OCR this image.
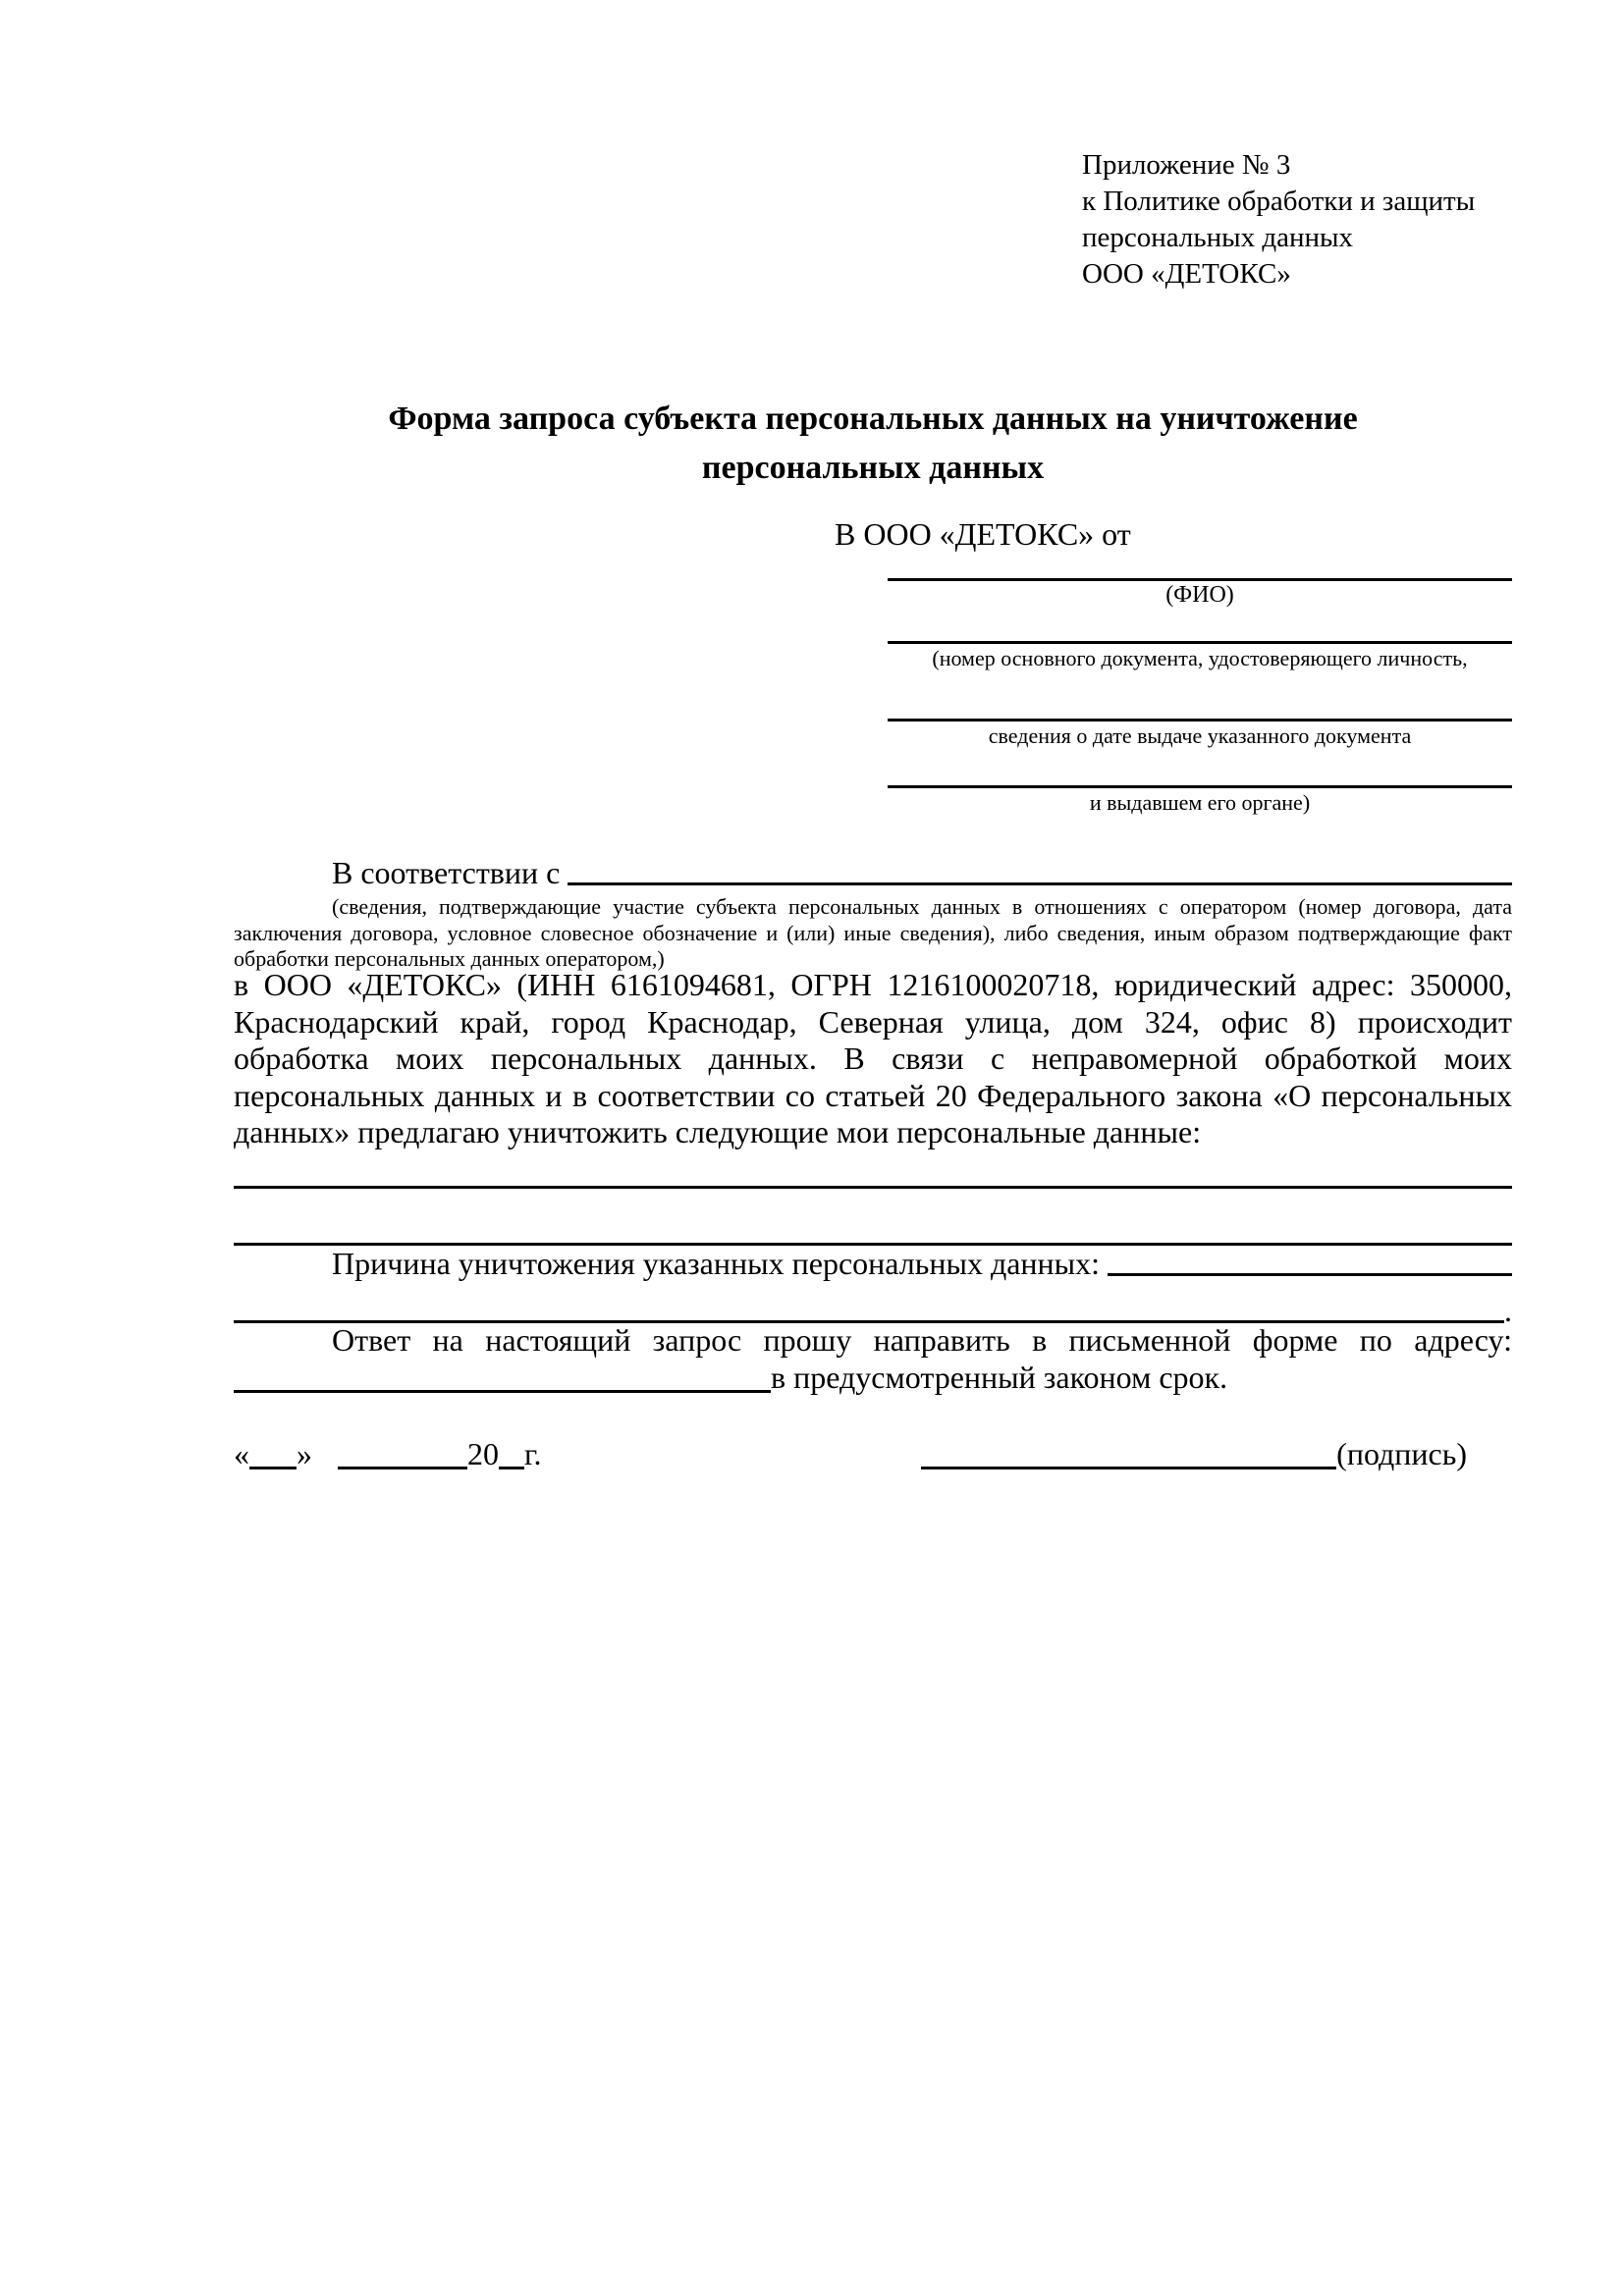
Приложение № 3
к Политике обработки и защиты
персональных данных
ООО «ДЕТОКС»
Форма запроса субъекта персональных данных на уничтожение
персональных данных
В ООО «ДЕТОКС» от
(ФИО)
(номер основного документа, удостоверяющего личность,
сведения о дате выдаче указанного документа
и выдавшем его органе)
В соответствии с
(сведения, подтверждающие участие субъекта персональных данных в отношениях с оператором (номер договора, дата заключения договора, условное словесное обозначение и (или) иные сведения), либо сведения, иным образом подтверждающие факт обработки персональных данных оператором,)
в ООО «ДЕТОКС» (ИНН 6161094681, ОГРН 1216100020718, юридический адрес: 350000, Краснодарский край, город Краснодар, Северная улица, дом 324, офис 8) происходит обработка моих персональных данных. В связи с неправомерной обработкой моих персональных данных и в соответствии со статьей 20 Федерального закона «О персональных данных» предлагаю уничтожить следующие мои персональные данные:
Причина уничтожения указанных персональных данных:
.
Ответ на настоящий запрос прошу направить в письменной форме по адресу: в предусмотренный законом срок.
« »	20 г.	(подпись)
